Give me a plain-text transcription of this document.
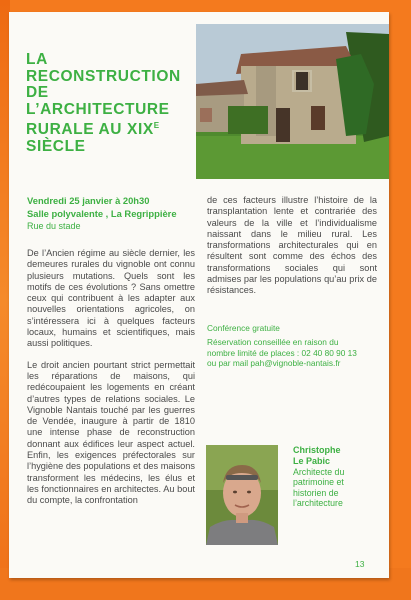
LA RECONSTRUCTION
DE L’ARCHITECTURE
RURALE AU $XIX^E$
SIÈCLE

Vendredi 25 janvier à 20h30

Salle polyvalente , La Regrippière

Rue du stade

De l’Ancien régime au siècle dernier, les demeures rurales du vignoble ont connu plusieurs mutations. Quels sont les motifs de ces évolutions ? Sans omettre ceux qui contribuent à les adapter aux nouvelles orientations agricoles, on s’intéressera ici à quelques facteurs locaux, humains et scientifiques, mais aussi politiques.

Le droit ancien pourtant strict permettait les réparations de maisons, qui redécoupaient les logements en créant d’autres types de relations sociales. Le Vignoble Nantais touché par les guerres de Vendée, inaugure à partir de 1810 une intense phase de reconstruction donnant aux édifices leur aspect actuel. Enfin, les exigences préfectorales sur l’hygiène des populations et des maisons transforment les médecins, les élus et les fonctionnaires en architectes. Au bout du compte, la confrontation

de ces facteurs illustre l’histoire de la transplantation lente et contrariée des valeurs de la ville et l’individualisme naissant dans le milieu rural. Les transformations architecturales qui en résultent sont comme des échos des transformations sociales qui sont admises par les populations qu’au prix de résistances.

Conférence gratuite
Réservation conseillée en raison du
nombre limité de places : 02 40 80 90 13
ou par mail pah@vignoble-nantais.fr

Christophe
Le Pabic

Architecte du
patrimoine et
historien de
l’architecture

13
